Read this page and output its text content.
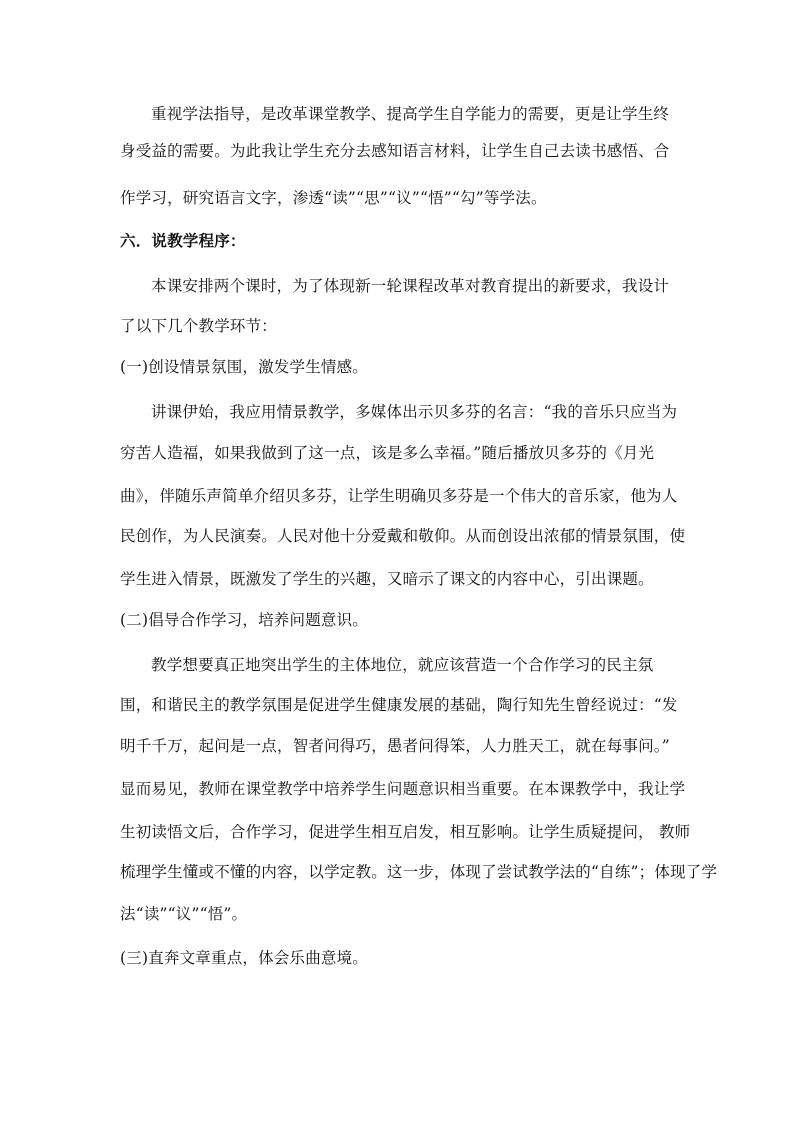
重视学法指导，是改革课堂教学、提高学生自学能力的需要，更是让学生终
身受益的需要。为此我让学生充分去感知语言材料，让学生自己去读书感悟、合
作学习，研究语言文字，渗透“读”“思”“议”“悟”“勾”等学法。
六．说教学程序：
本课安排两个课时，为了体现新一轮课程改革对教育提出的新要求，我设计
了以下几个教学环节：
(一)创设情景氛围，激发学生情感。
讲课伊始，我应用情景教学，多媒体出示贝多芬的名言：“我的音乐只应当为
穷苦人造福，如果我做到了这一点，该是多么幸福。”随后播放贝多芬的《月光
曲》，伴随乐声简单介绍贝多芬，让学生明确贝多芬是一个伟大的音乐家，他为人
民创作，为人民演奏。人民对他十分爱戴和敬仰。从而创设出浓郁的情景氛围，使
学生进入情景，既激发了学生的兴趣，又暗示了课文的内容中心，引出课题。
(二)倡导合作学习，培养问题意识。
教学想要真正地突出学生的主体地位，就应该营造一个合作学习的民主氛
围，和谐民主的教学氛围是促进学生健康发展的基础，陶行知先生曾经说过：“发
明千千万，起问是一点，智者问得巧，愚者问得笨，人力胜天工，就在每事问。”
显而易见，教师在课堂教学中培养学生问题意识相当重要。在本课教学中，我让学
生初读悟文后，合作学习，促进学生相互启发，相互影响。让学生质疑提问， 教师
梳理学生懂或不懂的内容，以学定教。这一步，体现了尝试教学法的“自练”；体现了学
法“读”“议”“悟”。
(三)直奔文章重点，体会乐曲意境。
